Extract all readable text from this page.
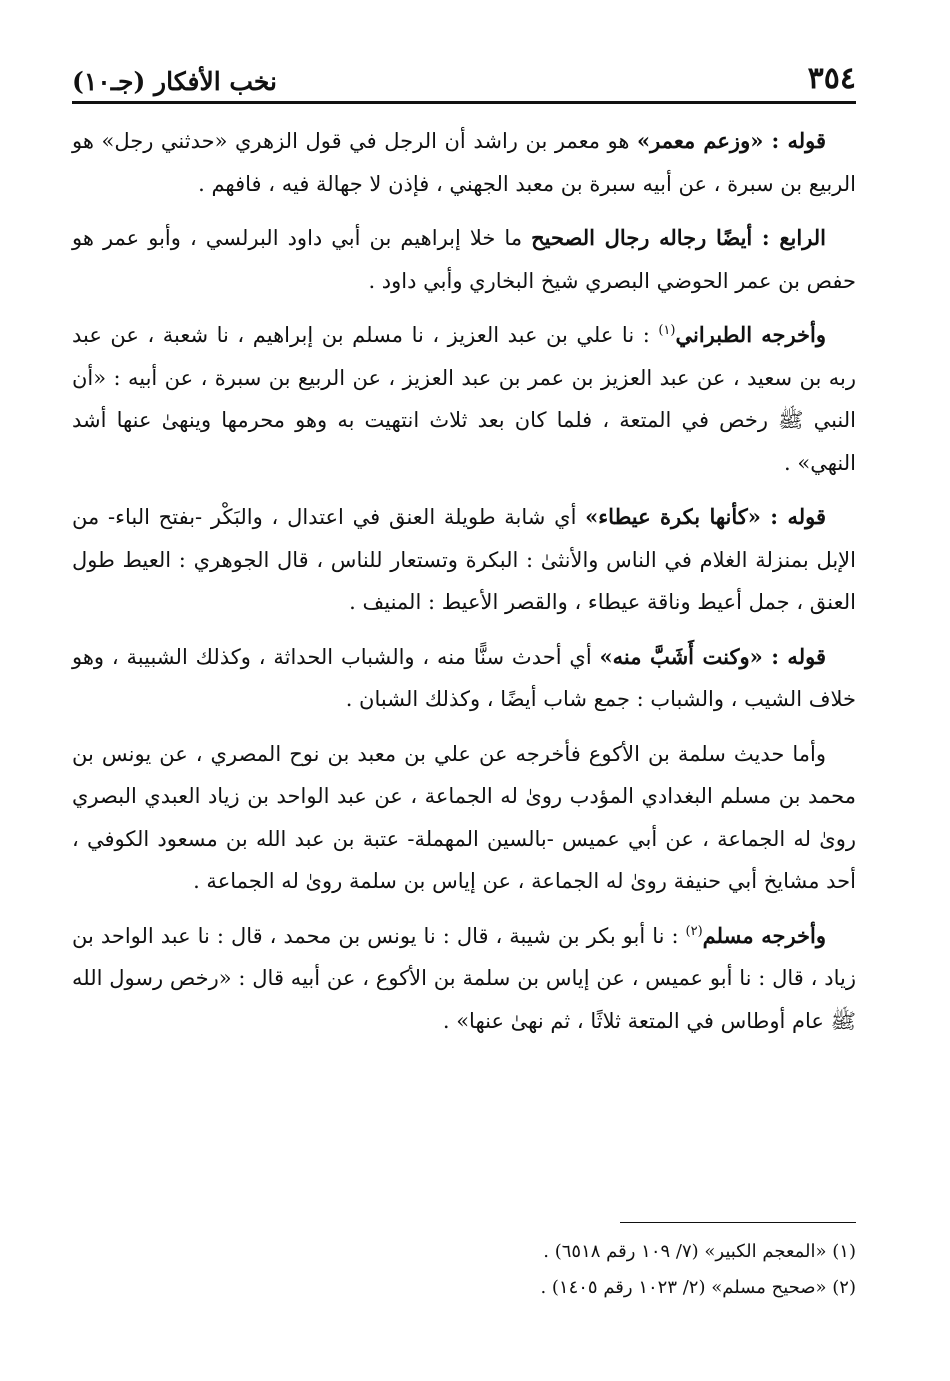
٣٥٤
نخب الأفكار (جـ١٠)

قوله : «وزعم معمر» هو معمر بن راشد أن الرجل في قول الزهري «حدثني رجل» هو الربيع بن سبرة ، عن أبيه سبرة بن معبد الجهني ، فإذن لا جهالة فيه ، فافهم .

الرابع : أيضًا رجاله رجال الصحيح ما خلا إبراهيم بن أبي داود البرلسي ، وأبو عمر هو حفص بن عمر الحوضي البصري شيخ البخاري وأبي داود .

وأخرجه الطبراني$^{(١)}$ : نا علي بن عبد العزيز ، نا مسلم بن إبراهيم ، نا شعبة ، عن عبد ربه بن سعيد ، عن عبد العزيز بن عمر بن عبد العزيز ، عن الربيع بن سبرة ، عن أبيه : «أن النبي ﷺ رخص في المتعة ، فلما كان بعد ثلاث انتهيت به وهو محرمها وينهىٰ عنها أشد النهي» .

قوله : «كأنها بكرة عيطاء» أي شابة طويلة العنق في اعتدال ، والبَكْر -بفتح الباء- من الإبل بمنزلة الغلام في الناس والأنثىٰ : البكرة وتستعار للناس ، قال الجوهري : العيط طول العنق ، جمل أعيط وناقة عيطاء ، والقصر الأعيط : المنيف .

قوله : «وكنت أَشَبَّ منه» أي أحدث سنًّا منه ، والشباب الحداثة ، وكذلك الشبيبة ، وهو خلاف الشيب ، والشباب : جمع شاب أيضًا ، وكذلك الشبان .

وأما حديث سلمة بن الأكوع فأخرجه عن علي بن معبد بن نوح المصري ، عن يونس بن محمد بن مسلم البغدادي المؤدب روىٰ له الجماعة ، عن عبد الواحد بن زياد العبدي البصري روىٰ له الجماعة ، عن أبي عميس -بالسين المهملة- عتبة بن عبد الله بن مسعود الكوفي ، أحد مشايخ أبي حنيفة روىٰ له الجماعة ، عن إياس بن سلمة روىٰ له الجماعة .

وأخرجه مسلم$^{(٢)}$ : نا أبو بكر بن شيبة ، قال : نا يونس بن محمد ، قال : نا عبد الواحد بن زياد ، قال : نا أبو عميس ، عن إياس بن سلمة بن الأكوع ، عن أبيه قال : «رخص رسول الله ﷺ عام أوطاس في المتعة ثلاثًا ، ثم نهىٰ عنها» .

(١) «المعجم الكبير» (٧/ ١٠٩ رقم ٦٥١٨) .
(٢) «صحيح مسلم» (٢/ ١٠٢٣ رقم ١٤٠٥) .
